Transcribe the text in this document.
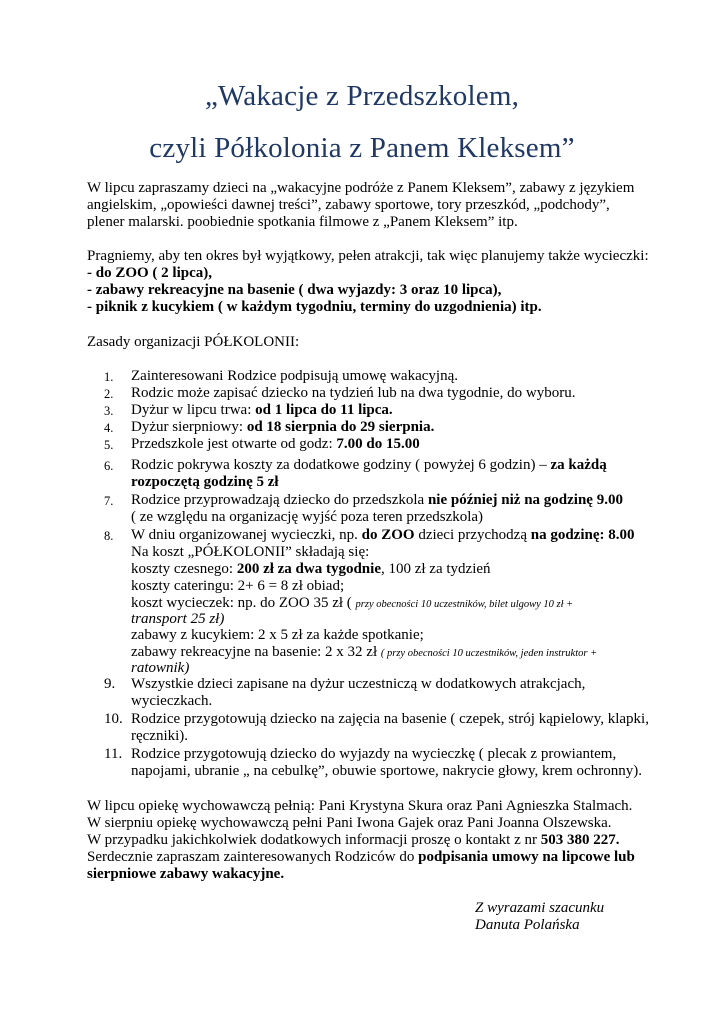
„Wakacje z Przedszkolem,
czyli Półkolonia z Panem Kleksem”
W lipcu zapraszamy dzieci na „wakacyjne podróże z Panem Kleksem”, zabawy z językiem
angielskim, „opowieści dawnej treści”, zabawy sportowe, tory przeszkód, „podchody”,
plener malarski. poobiednie spotkania filmowe z „Panem Kleksem” itp.
Pragniemy, aby ten okres był wyjątkowy, pełen atrakcji, tak więc planujemy także wycieczki:
- do ZOO ( 2 lipca),
- zabawy rekreacyjne na basenie ( dwa wyjazdy: 3 oraz 10 lipca),
- piknik z kucykiem ( w każdym tygodniu, terminy do uzgodnienia) itp.
Zasady organizacji PÓŁKOLONII:
1.	Zainteresowani Rodzice podpisują umowę wakacyjną.
2.	Rodzic może zapisać dziecko na tydzień lub na dwa tygodnie, do wyboru.
3.	Dyżur w lipcu trwa: od 1 lipca do 11 lipca.
4.	Dyżur sierpniowy: od 18 sierpnia do 29 sierpnia.
5.	Przedszkole jest otwarte od godz: 7.00 do 15.00
6.	Rodzic pokrywa koszty za dodatkowe godziny ( powyżej 6 godzin) – za każdą
rozpoczętą godzinę 5 zł
7.	Rodzice przyprowadzają dziecko do przedszkola nie później niż na godzinę 9.00
( ze względu na organizację wyjść poza teren przedszkola)
8.	W dniu organizowanej wycieczki, np. do ZOO dzieci przychodzą na godzinę: 8.00
Na koszt „PÓŁKOLONII” składają się:
koszty czesnego: 200 zł za dwa tygodnie, 100 zł za tydzień
koszty cateringu: 2+ 6 = 8 zł obiad;
koszt wycieczek: np. do ZOO 35 zł ( przy obecności 10 uczestników, bilet ulgowy 10 zł +
transport 25 zł)
zabawy z kucykiem: 2 x 5 zł za każde spotkanie;
zabawy rekreacyjne na basenie: 2 x 32 zł ( przy obecności 10 uczestników, jeden instruktor +
ratownik)
9.	Wszystkie dzieci zapisane na dyżur uczestniczą w dodatkowych atrakcjach,
wycieczkach.
10. Rodzice przygotowują dziecko na zajęcia na basenie ( czepek, strój kąpielowy, klapki,
ręczniki).
11. Rodzice przygotowują dziecko do wyjazdy na wycieczkę ( plecak z prowiantem,
napojami, ubranie „ na cebulkę”, obuwie sportowe, nakrycie głowy, krem ochronny).
W lipcu opiekę wychowawczą pełnią: Pani Krystyna Skura oraz Pani Agnieszka Stalmach.
W sierpniu opiekę wychowawczą pełni Pani Iwona Gajek oraz Pani Joanna Olszewska.
W przypadku jakichkolwiek dodatkowych informacji proszę o kontakt z nr 503 380 227.
Serdecznie zapraszam zainteresowanych Rodziców do podpisania umowy na lipcowe lub
sierpniowe zabawy wakacyjne.
Z wyrazami szacunku
Danuta Polańska
